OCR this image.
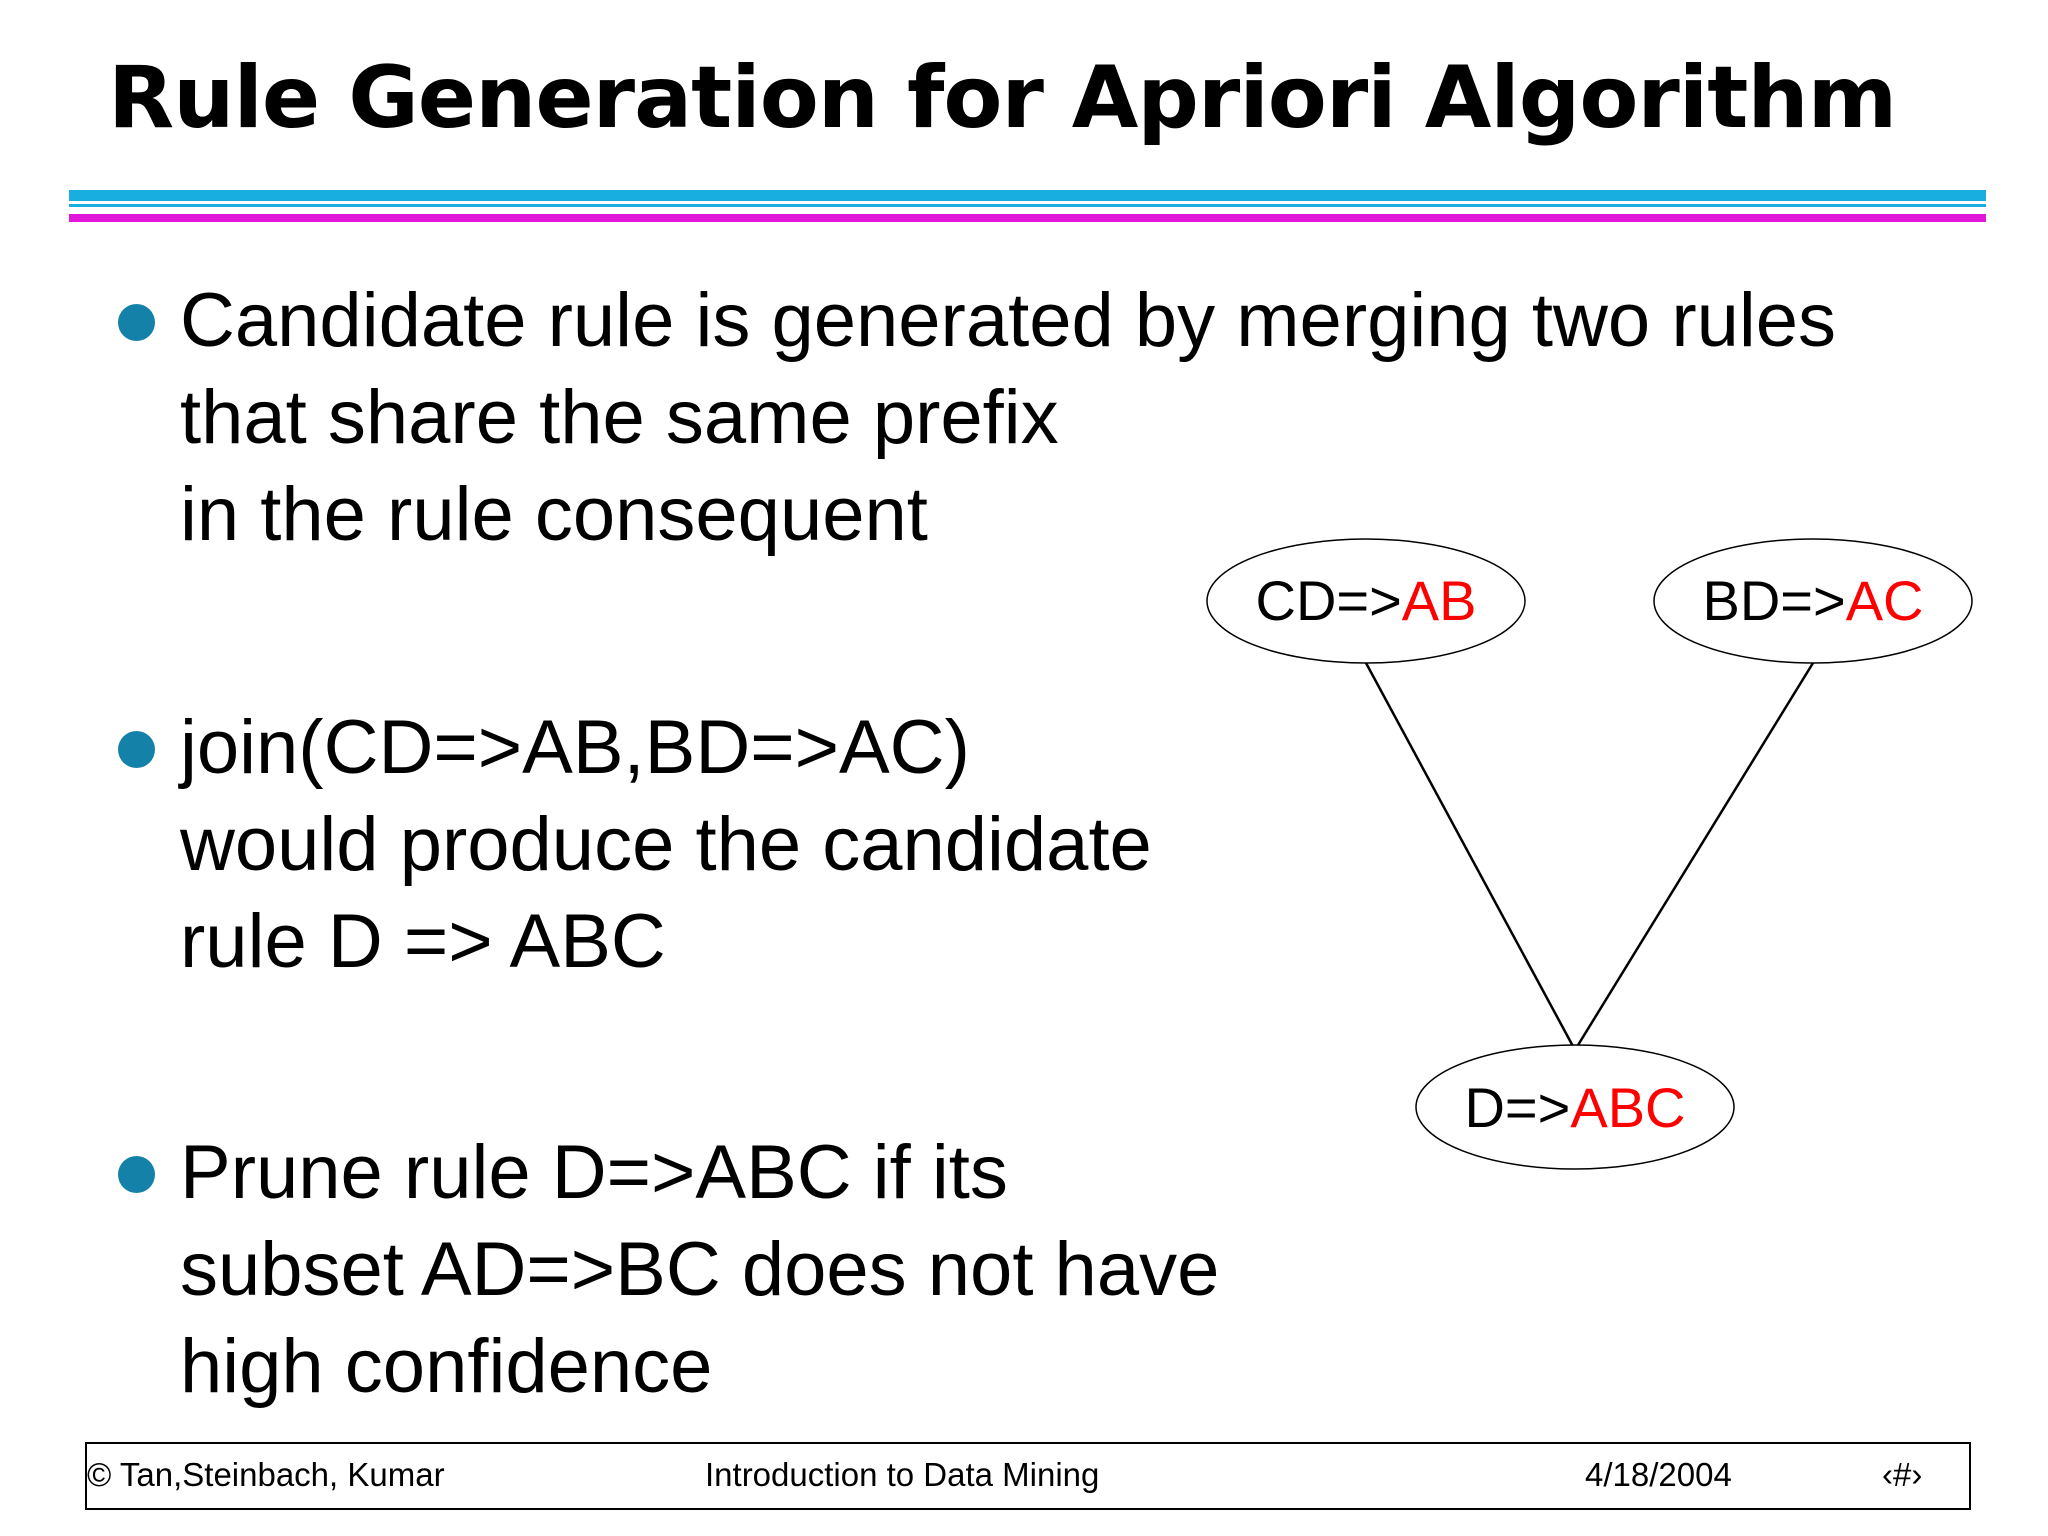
Rule Generation for Apriori Algorithm
Candidate rule is generated by merging two rules
that share the same prefix
in the rule consequent
join(CD=>AB,BD=>AC)
would produce the candidate
rule D => ABC
Prune rule D=>ABC if its
subset AD=>BC does not have
high confidence
CD=>AB	BD=>AC
D=>ABC
© Tan,Steinbach, Kumar	Introduction to Data Mining	4/18/2004	‹#›
